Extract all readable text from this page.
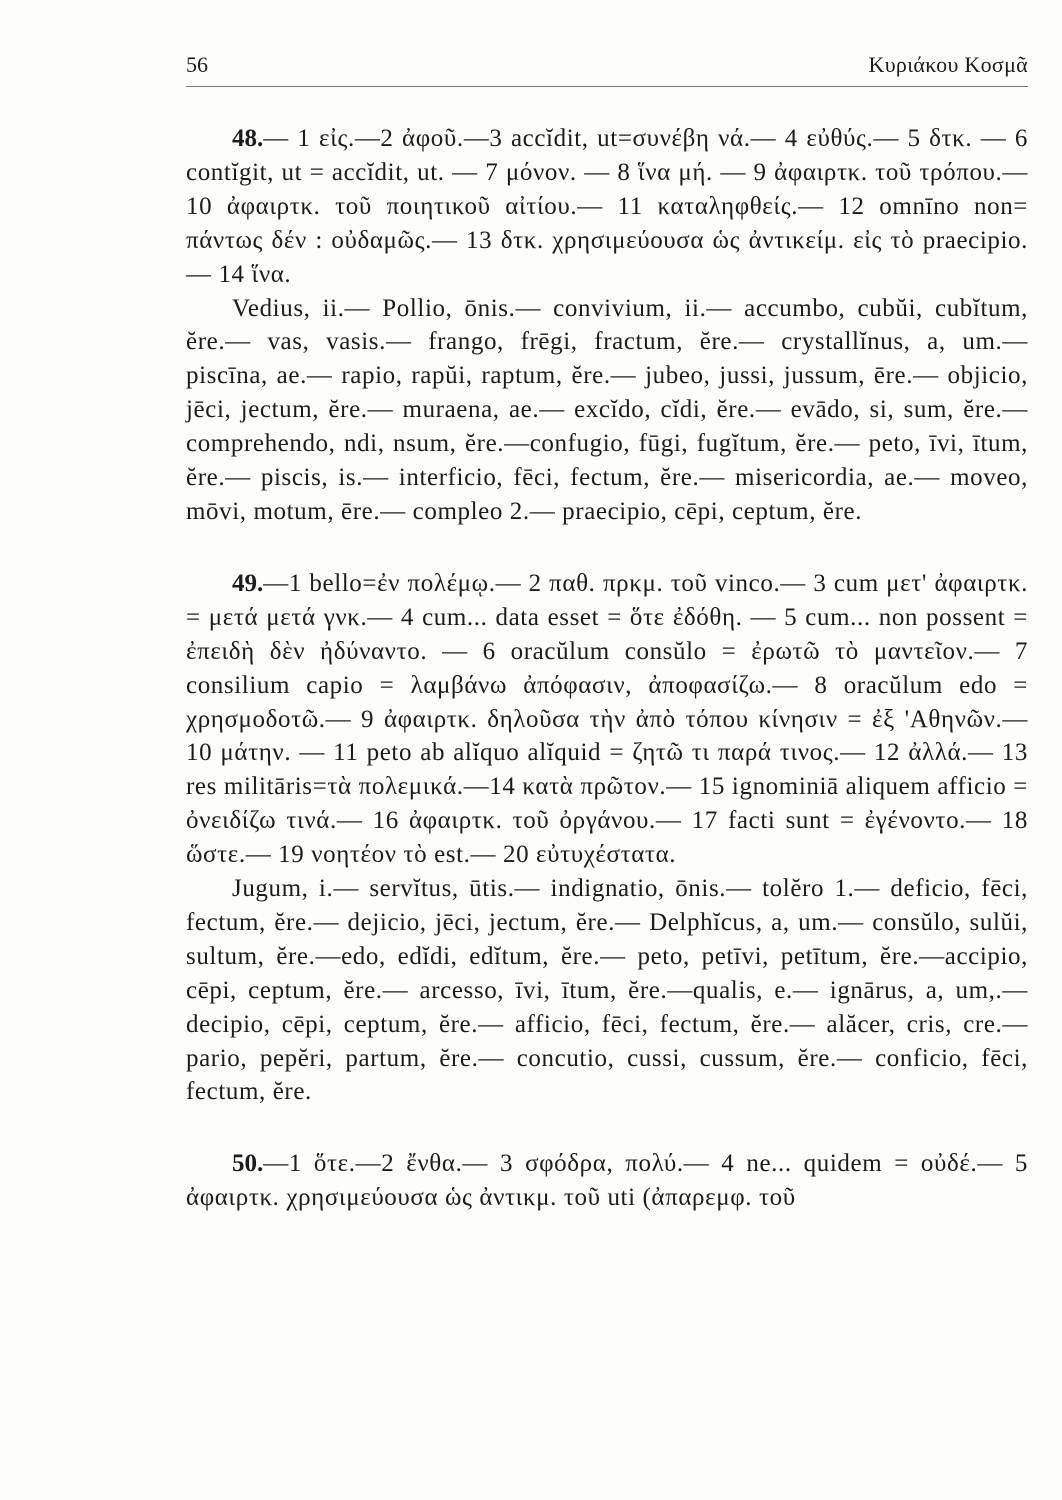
56	Κυριάκου Κοσμᾶ

48.— 1 εἰς.—2 ἀφοῦ.—3 accĭdit, ut=συνέβη νά.— 4 εὐθύς.— 5 δτκ. — 6 contĭgit, ut = accĭdit, ut. — 7 μόνον. — 8 ἵνα μή. — 9 ἀφαιρτκ. τοῦ τρόπου.— 10 ἀφαιρτκ. τοῦ ποιητικοῦ αἰτίου.— 11 καταληφθείς.— 12 omnīno non= πάντως δέν : οὐδαμῶς.— 13 δτκ. χρησιμεύουσα ὡς ἀντικείμ. εἰς τὸ praecipio.— 14 ἵνα.

Vedius, ii.— Pollio, ōnis.— convivium, ii.— accumbo, cubŭi, cubĭtum, ĕre.— vas, vasis.— frango, frēgi, fractum, ĕre.— crystallĭnus, a, um.— piscīna, ae.— rapio, rapŭi, raptum, ĕre.— jubeo, jussi, jussum, ēre.— objicio, jēci, jectum, ĕre.— muraena, ae.— excĭdo, cĭdi, ĕre.— evādo, si, sum, ĕre.— comprehendo, ndi, nsum, ĕre.—confugio, fūgi, fugĭtum, ĕre.— peto, īvi, ītum, ĕre.— piscis, is.— interficio, fēci, fectum, ĕre.— misericordia, ae.— moveo, mōvi, motum, ēre.— compleo 2.— praecipio, cēpi, ceptum, ĕre.

49.—1 bello=ἐν πολέμῳ.— 2 παθ. πρκμ. τοῦ vinco.— 3 cum μετ' ἀφαιρτκ. = μετά μετά γνκ.— 4 cum... data esset = ὅτε ἐδόθη. — 5 cum... non possent = ἐπειδὴ δὲν ἠδύναντο. — 6 oracŭlum consŭlo = ἐρωτῶ τὸ μαντεῖον.— 7 consilium capio = λαμβάνω ἀπόφασιν, ἀποφασίζω.— 8 oracŭlum edo = χρησμοδοτῶ.— 9 ἀφαιρτκ. δηλοῦσα τὴν ἀπὸ τόπου κίνησιν = ἐξ 'Αθηνῶν.— 10 μάτην. — 11 peto ab alĭquo alĭquid = ζητῶ τι παρά τινος.— 12 ἀλλά.— 13 res militāris=τὰ πολεμικά.—14 κατὰ πρῶτον.— 15 ignominiā aliquem afficio = ὀνειδίζω τινά.— 16 ἀφαιρτκ. τοῦ ὀργάνου.— 17 facti sunt = ἐγένοντο.— 18 ὥστε.— 19 νοητέον τὸ est.— 20 εὐτυχέστατα.

Jugum, i.— servĭtus, ūtis.— indignatio, ōnis.— tolĕro 1.— deficio, fēci, fectum, ĕre.— dejicio, jēci, jectum, ĕre.— Delphĭcus, a, um.— consŭlo, sulŭi, sultum, ĕre.—edo, edĭdi, edĭtum, ĕre.— peto, petīvi, petītum, ĕre.—accipio, cēpi, ceptum, ĕre.— arcesso, īvi, ītum, ĕre.—qualis, e.— ignārus, a, um,.— decipio, cēpi, ceptum, ĕre.— afficio, fēci, fectum, ĕre.— alăcer, cris, cre.— pario, pepĕri, partum, ĕre.— concutio, cussi, cussum, ĕre.— conficio, fēci, fectum, ĕre.

50.—1 ὅτε.—2 ἔνθα.— 3 σφόδρα, πολύ.— 4 ne... quidem = οὐδέ.— 5 ἀφαιρτκ. χρησιμεύουσα ὡς ἀντικμ. τοῦ uti (ἀπαρεμφ. τοῦ
